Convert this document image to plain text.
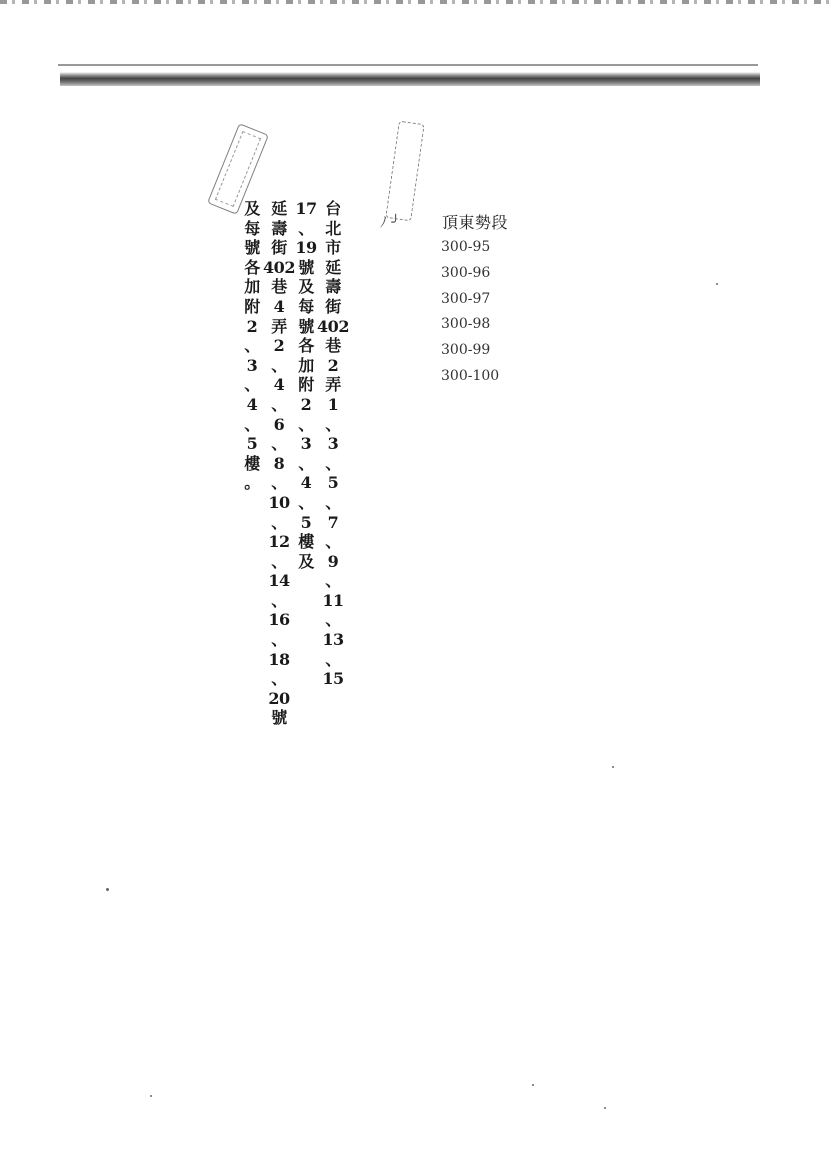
ﾉ ╯
台
北
市
延
壽
街
402
巷
2
弄
1
、
3
、
5
、
7
、
9
、
11
、
13
、
15
17
、
19
號
及
每
號
各
加
附
2
、
3
、
4
、
5
樓
及
延
壽
街
402
巷
4
弄
2
、
4
、
6
、
8
、
10
、
12
、
14
、
16
、
18
、
20
號
及
每
號
各
加
附
2
、
3
、
4
、
5
樓
。
頂東勢段
300-95
300-96
300-97
300-98
300-99
300-100
